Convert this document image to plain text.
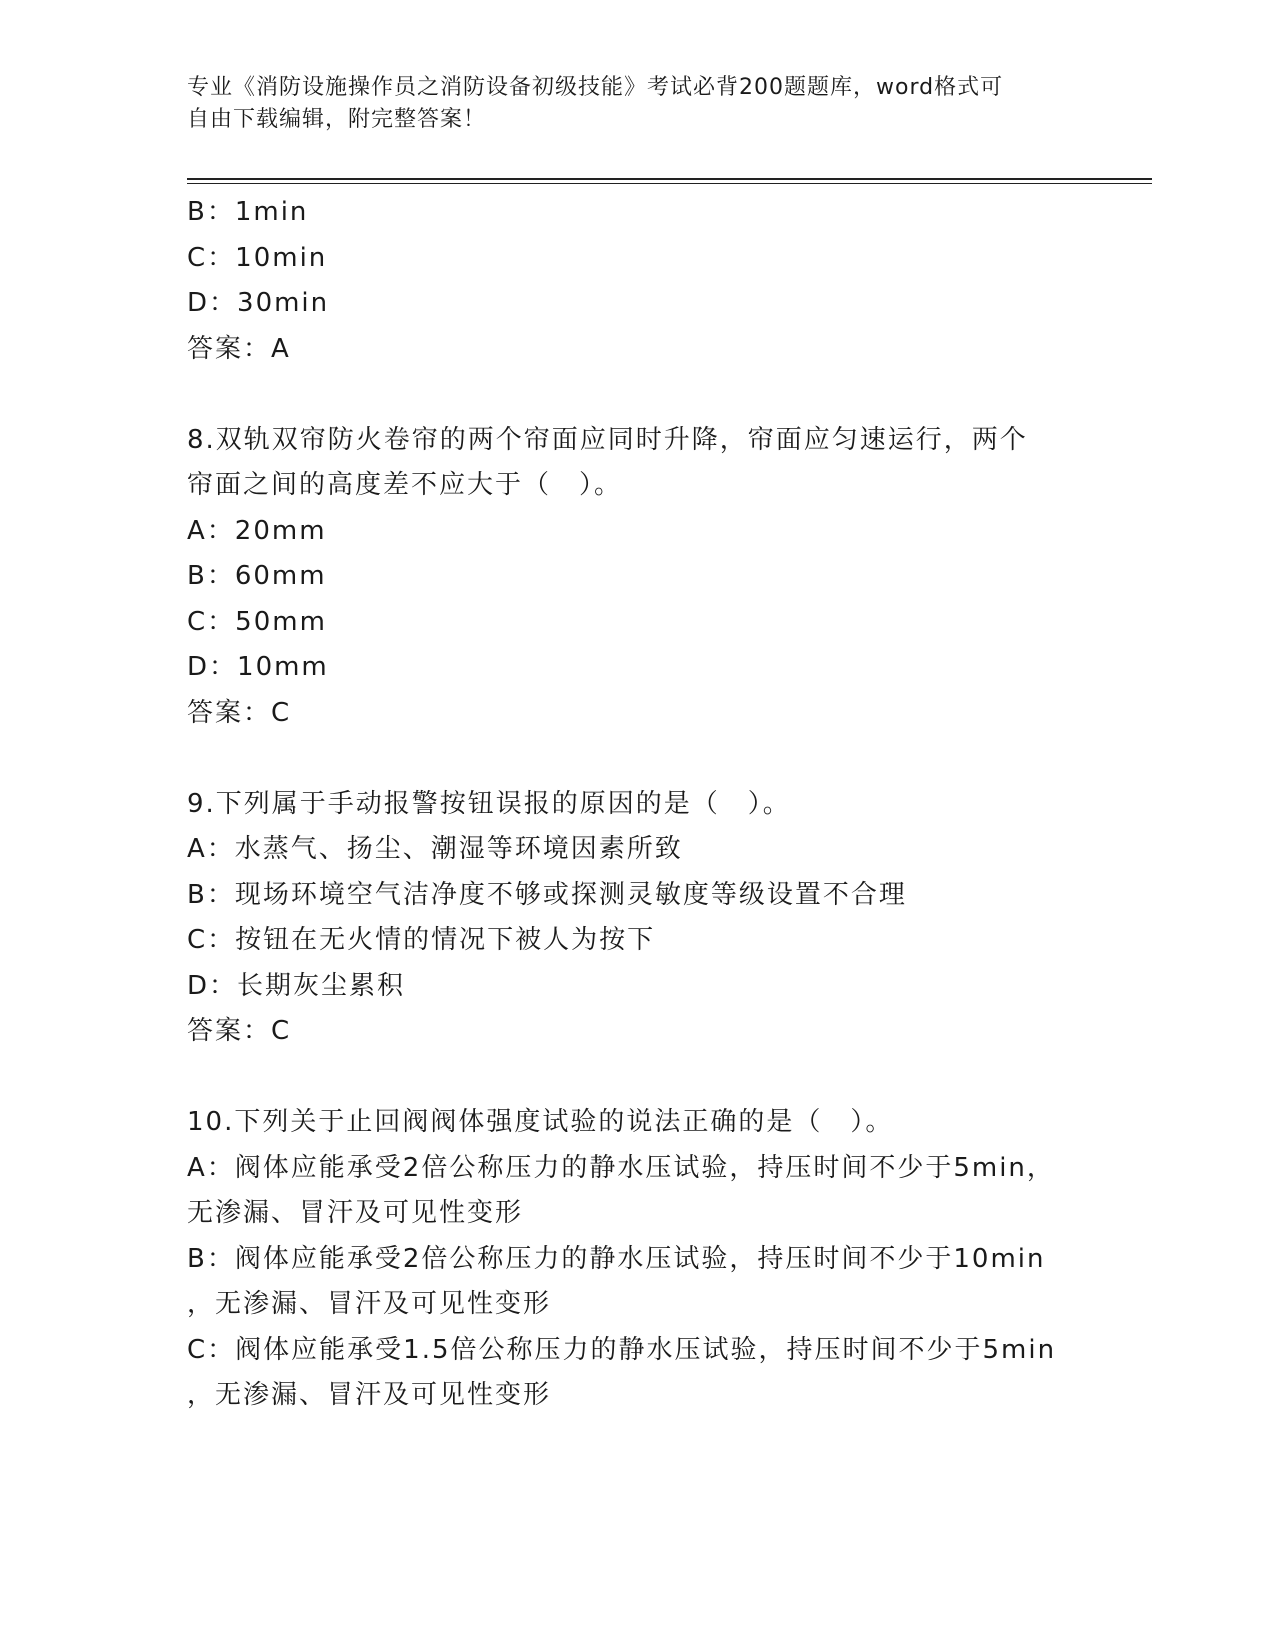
专业《消防设施操作员之消防设备初级技能》考试必背200题题库，word格式可
自由下载编辑，附完整答案！
B：1min
C：10min
D：30min
答案：A
8.双轨双帘防火卷帘的两个帘面应同时升降，帘面应匀速运行，两个
帘面之间的高度差不应大于（　）。
A：20mm
B：60mm
C：50mm
D：10mm
答案：C
9.下列属于手动报警按钮误报的原因的是（　）。
A：水蒸气、扬尘、潮湿等环境因素所致
B：现场环境空气洁净度不够或探测灵敏度等级设置不合理
C：按钮在无火情的情况下被人为按下
D：长期灰尘累积
答案：C
10.下列关于止回阀阀体强度试验的说法正确的是（　）。
A：阀体应能承受2倍公称压力的静水压试验，持压时间不少于5min，
无渗漏、冒汗及可见性变形
B：阀体应能承受2倍公称压力的静水压试验，持压时间不少于10min
，无渗漏、冒汗及可见性变形
C：阀体应能承受1.5倍公称压力的静水压试验，持压时间不少于5min
，无渗漏、冒汗及可见性变形
